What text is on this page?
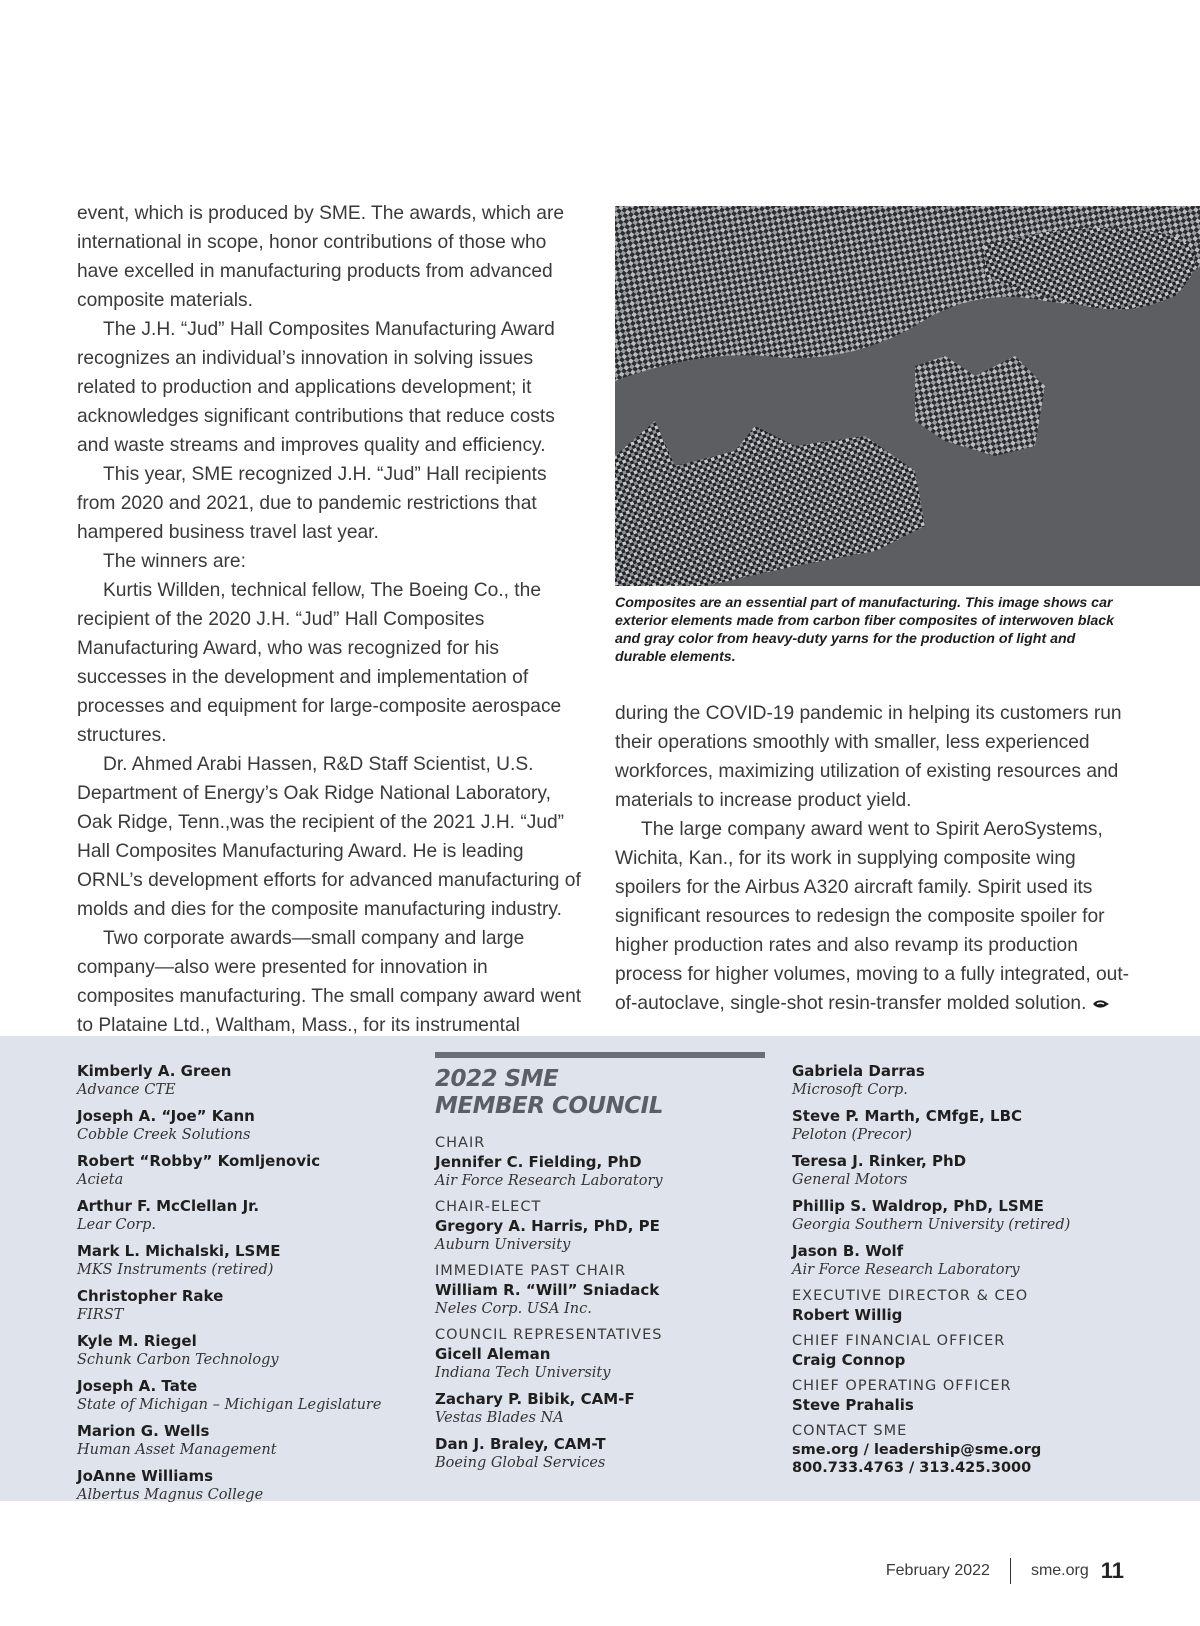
event, which is produced by SME. The awards, which are international in scope, honor contributions of those who have excelled in manufacturing products from advanced composite materials.

The J.H. “Jud” Hall Composites Manufacturing Award recognizes an individual’s innovation in solving issues related to production and applications development; it acknowledges significant contributions that reduce costs and waste streams and improves quality and efficiency.

This year, SME recognized J.H. “Jud” Hall recipients from 2020 and 2021, due to pandemic restrictions that hampered business travel last year.

The winners are:

Kurtis Willden, technical fellow, The Boeing Co., the recipient of the 2020 J.H. “Jud” Hall Composites Manufacturing Award, who was recognized for his successes in the development and implementation of processes and equipment for large-composite aerospace structures.

Dr. Ahmed Arabi Hassen, R&D Staff Scientist, U.S. Department of Energy’s Oak Ridge National Laboratory, Oak Ridge, Tenn.,was the recipient of the 2021 J.H. “Jud” Hall Composites Manufacturing Award. He is leading ORNL’s development efforts for advanced manufacturing of molds and dies for the composite manufacturing industry.

Two corporate awards—small company and large company—also were presented for innovation in composites manufacturing. The small company award went to Plataine Ltd., Waltham, Mass., for its instrumental

Composites are an essential part of manufacturing. This image shows car exterior elements made from carbon fiber composites of interwoven black and gray color from heavy-duty yarns for the production of light and durable elements.

during the COVID-19 pandemic in helping its customers run their operations smoothly with smaller, less experienced workforces, maximizing utilization of existing resources and materials to increase product yield.

The large company award went to Spirit AeroSystems, Wichita, Kan., for its work in supplying composite wing spoilers for the Airbus A320 aircraft family. Spirit used its significant resources to redesign the composite spoiler for higher production rates and also revamp its production process for higher volumes, moving to a fully integrated, out-of-autoclave, single-shot resin-transfer molded solution.

Kimberly A. Green
Advance CTE
Joseph A. “Joe” Kann
Cobble Creek Solutions
Robert “Robby” Komljenovic
Acieta
Arthur F. McClellan Jr.
Lear Corp.
Mark L. Michalski, LSME
MKS Instruments (retired)
Christopher Rake
FIRST
Kyle M. Riegel
Schunk Carbon Technology
Joseph A. Tate
State of Michigan – Michigan Legislature
Marion G. Wells
Human Asset Management
JoAnne Williams
Albertus Magnus College
2022 SME
MEMBER COUNCIL
CHAIR
Jennifer C. Fielding, PhD
Air Force Research Laboratory
CHAIR-ELECT
Gregory A. Harris, PhD, PE
Auburn University
IMMEDIATE PAST CHAIR
William R. “Will” Sniadack
Neles Corp. USA Inc.
COUNCIL REPRESENTATIVES
Gicell Aleman
Indiana Tech University
Zachary P. Bibik, CAM-F
Vestas Blades NA
Dan J. Braley, CAM-T
Boeing Global Services
Gabriela Darras
Microsoft Corp.
Steve P. Marth, CMfgE, LBC
Peloton (Precor)
Teresa J. Rinker, PhD
General Motors
Phillip S. Waldrop, PhD, LSME
Georgia Southern University (retired)
Jason B. Wolf
Air Force Research Laboratory
EXECUTIVE DIRECTOR & CEO
Robert Willig
CHIEF FINANCIAL OFFICER
Craig Connop
CHIEF OPERATING OFFICER
Steve Prahalis
CONTACT SME
sme.org / leadership@sme.org
800.733.4763 / 313.425.3000
February 2022	sme.org 11
